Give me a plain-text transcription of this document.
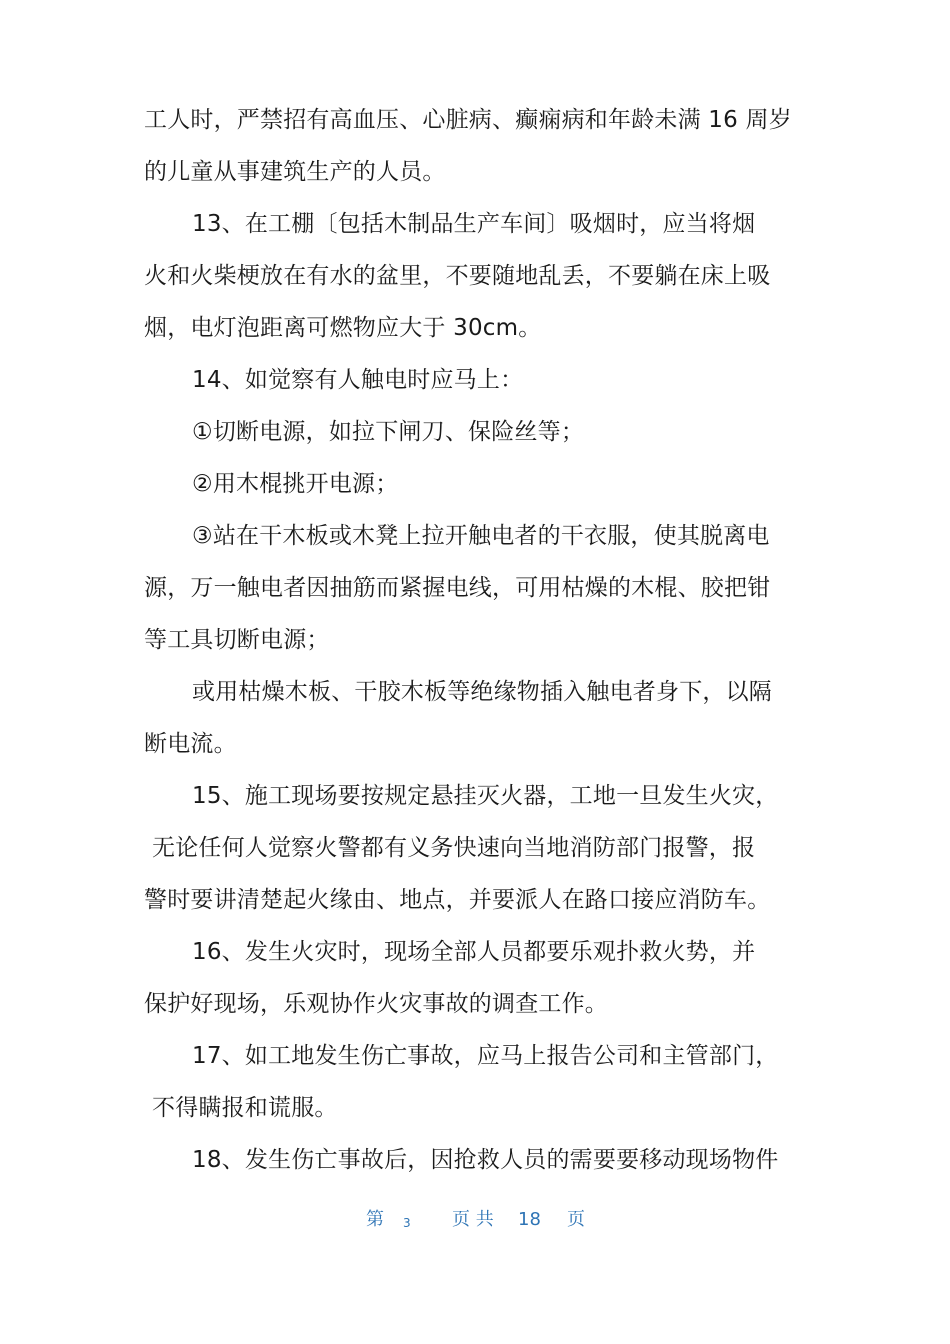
工人时，严禁招有高血压、心脏病、癫痫病和年龄未满 16 周岁
的儿童从事建筑生产的人员。
13、在工棚〔包括木制品生产车间〕吸烟时，应当将烟
火和火柴梗放在有水的盆里，不要随地乱丢，不要躺在床上吸
烟，电灯泡距离可燃物应大于 30cm。
14、如觉察有人触电时应马上：
①切断电源，如拉下闸刀、保险丝等；
②用木棍挑开电源；
③站在干木板或木凳上拉开触电者的干衣服，使其脱离电
源，万一触电者因抽筋而紧握电线，可用枯燥的木棍、胶把钳
等工具切断电源；
或用枯燥木板、干胶木板等绝缘物插入触电者身下，以隔
断电流。
15、施工现场要按规定悬挂灭火器，工地一旦发生火灾，
无论任何人觉察火警都有义务快速向当地消防部门报警，报
警时要讲清楚起火缘由、地点，并要派人在路口接应消防车。
16、发生火灾时，现场全部人员都要乐观扑救火势，并
保护好现场，乐观协作火灾事故的调查工作。
17、如工地发生伤亡事故，应马上报告公司和主管部门，
不得瞒报和谎服。
18、发生伤亡事故后，因抢救人员的需要要移动现场物件
第 3 页 共 18 页
